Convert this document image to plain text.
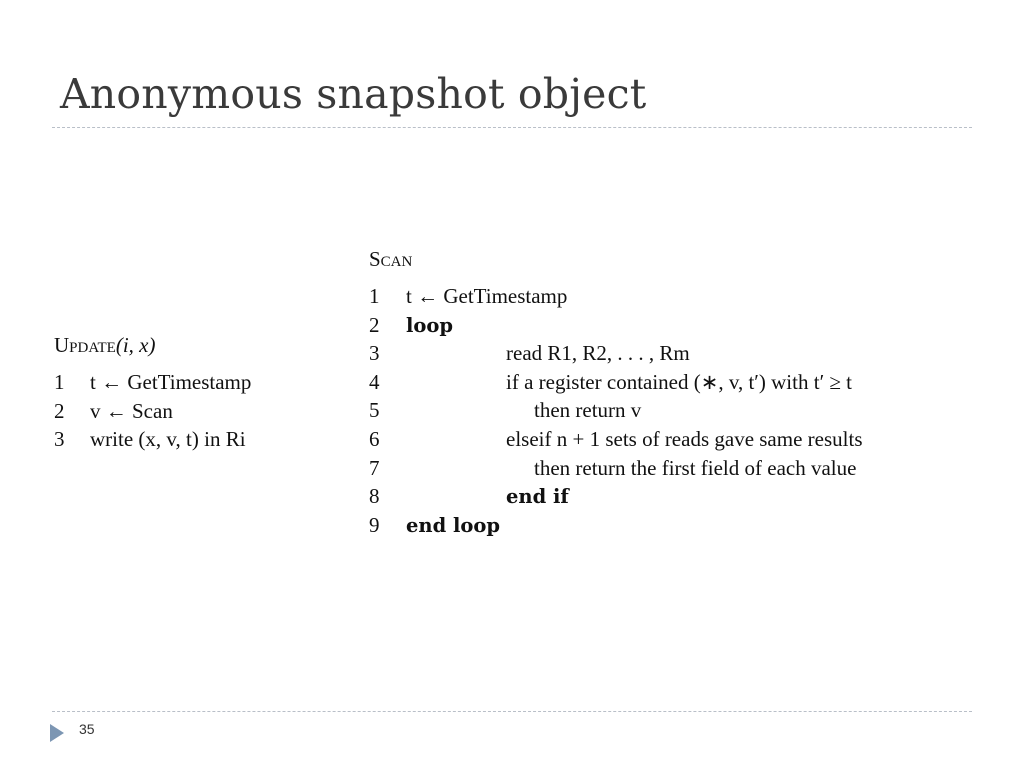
Anonymous snapshot object
Update(i, x)
1	t ← GetTimestamp
2	v ← Scan
3	write (x, v, t) in Ri
Scan
1	t ← GetTimestamp
2	loop
3	read R1, R2, . . . , Rm
4	if a register contained (∗, v, t′) with t′ ≥ t
5	then return v
6	elseif n + 1 sets of reads gave same results
7	then return the first field of each value
8	end if
9	end loop
35
